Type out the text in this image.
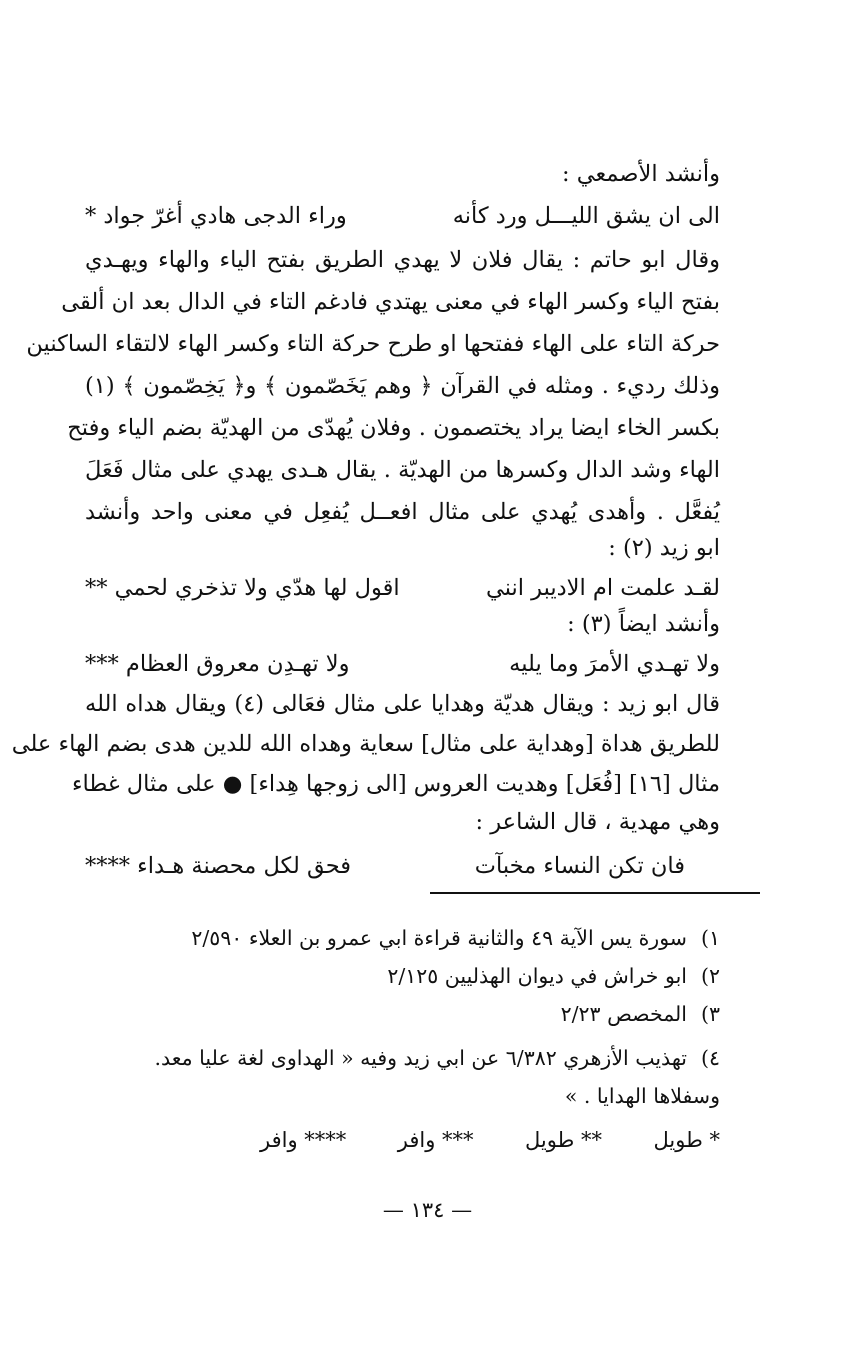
وأنشد الأصمعي :
الى ان يشق الليـــل ورد كأنه
وراء الدجى هادي أغرّ جواد *
وقال ابو حاتم : يقال فلان لا يهدي الطريق بفتح الياء والهاء ويهـدي
بفتح الياء وكسر الهاء في معنى يهتدي فادغم التاء في الدال بعد ان ألقى
حركة التاء على الهاء ففتحها او طرح حركة التاء وكسر الهاء لالتقاء الساكنين
وذلك رديء . ومثله في القرآن ﴿ وهم يَخَصّمون ﴾ و﴿ يَخِصّمون ﴾ (١)
بكسر الخاء ايضا يراد يختصمون . وفلان يُهدّى من الهديّة بضم الياء وفتح
الهاء وشد الدال وكسرها من الهديّة . يقال هـدى يهدي على مثال فَعَلَ
يُفعَّل . وأهدى يُهدي على مثال افعــل يُفعِل في معنى واحد وأنشد
ابو زيد (٢) :
لقـد علمت ام الاديبر انني
اقول لها هدّي ولا تذخري لحمي **
وأنشد ايضاً (٣) :
ولا تهـدي الأمرَ وما يليه
ولا تهـدِن معروق العظام ***
قال ابو زيد : ويقال هديّة وهدايا على مثال فعَالى (٤) ويقال هداه الله
للطريق هداة [وهداية على مثال] سعاية وهداه الله للدين هدى بضم الهاء على
مثال [١٦] [فُعَل] وهديت العروس [الى زوجها هِداء] ● على مثال غطاء
وهي مهدية ، قال الشاعر :
فان تكن النساء مخبآت
فحق لكل محصنة هـداء ****
١)سورة يس الآية ٤٩ والثانية قراءة ابي عمرو بن العلاء ٢/٥٩٠
٢)ابو خراش في ديوان الهذليين ٢/١٢٥
٣)المخصص ٢/٢٣
٤)تهذيب الأزهري ٦/٣٨٢ عن ابي زيد وفيه « الهداوى لغة عليا معد.
وسفلاها الهدايا . »
* طويل
** طويل
*** وافر
**** وافر
— ١٣٤ —
